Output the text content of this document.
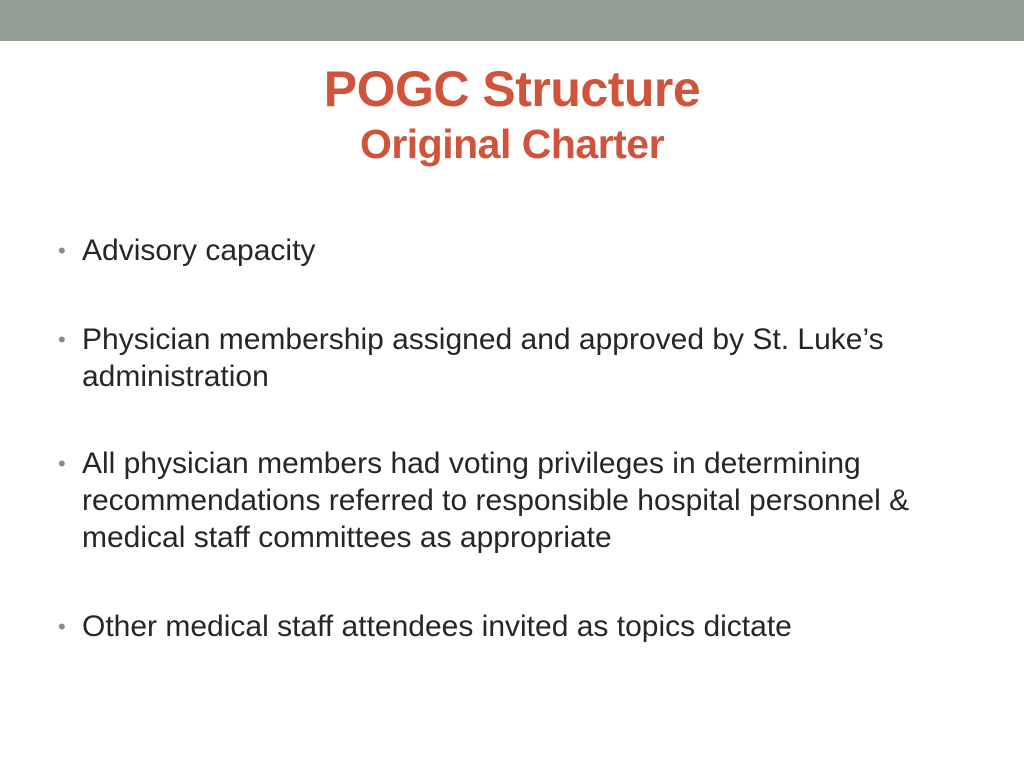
POGC Structure
Original Charter
• Advisory capacity
• Physician membership assigned and approved by St. Luke’s administration
• All physician members had voting privileges in determining recommendations referred to responsible hospital personnel & medical staff committees as appropriate
• Other medical staff attendees invited as topics dictate
